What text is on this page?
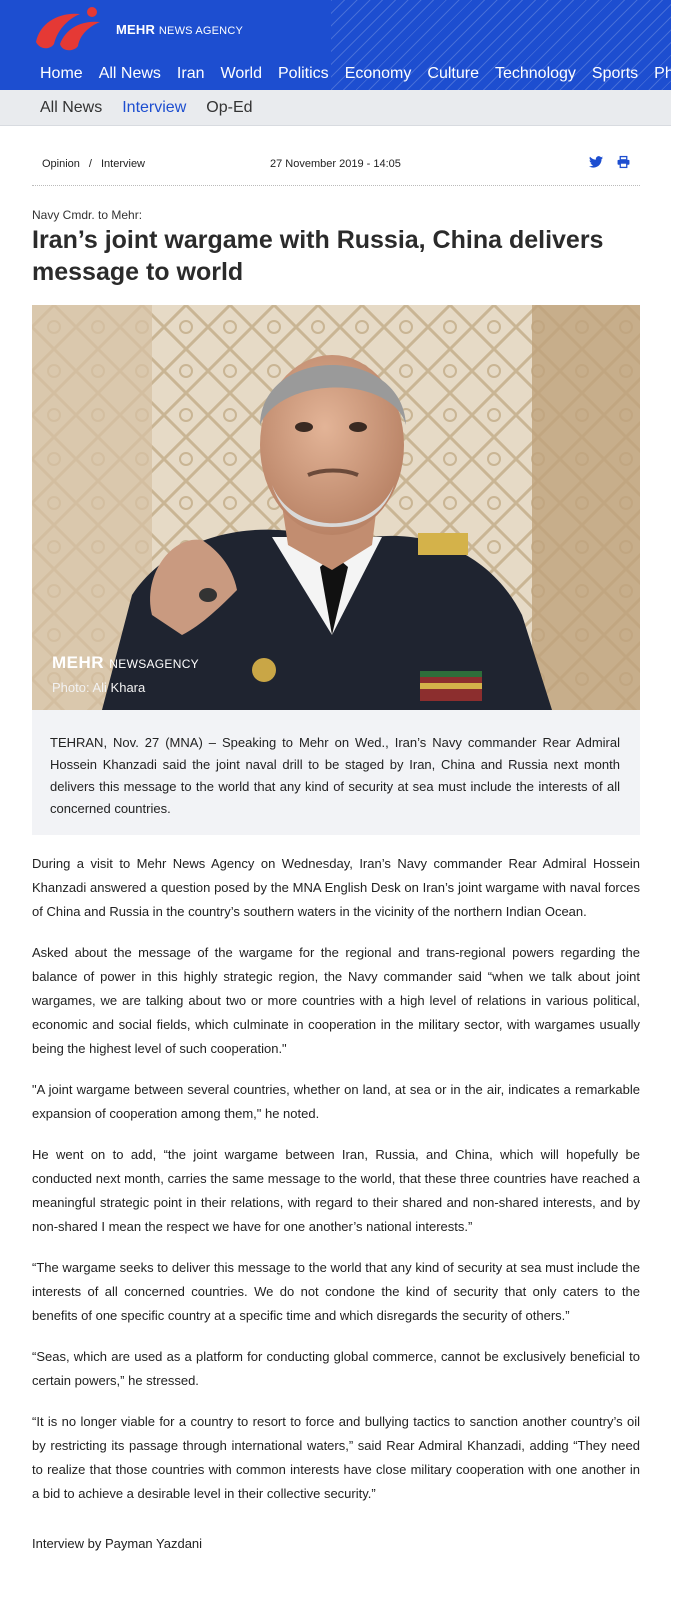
MEHR NEWS AGENCY
Home	All News	Iran	World	Politics	Economy	Culture	Technology	Sports	Ph
All News	Interview	Op-Ed
Opinion / Interview	27 November 2019 - 14:05
Navy Cmdr. to Mehr:
Iran’s joint wargame with Russia, China delivers message to world
MEHR NEWSAGENCY
Photo: Ali Khara
TEHRAN, Nov. 27 (MNA) – Speaking to Mehr on Wed., Iran’s Navy commander Rear Admiral Hossein Khanzadi said the joint naval drill to be staged by Iran, China and Russia next month delivers this message to the world that any kind of security at sea must include the interests of all concerned countries.

During a visit to Mehr News Agency on Wednesday, Iran’s Navy commander Rear Admiral Hossein Khanzadi answered a question posed by the MNA English Desk on Iran’s joint wargame with naval forces of China and Russia in the country’s southern waters in the vicinity of the northern Indian Ocean.

Asked about the message of the wargame for the regional and trans-regional powers regarding the balance of power in this highly strategic region, the Navy commander said “when we talk about joint wargames, we are talking about two or more countries with a high level of relations in various political, economic and social fields, which culminate in cooperation in the military sector, with wargames usually being the highest level of such cooperation."

"A joint wargame between several countries, whether on land, at sea or in the air, indicates a remarkable expansion of cooperation among them," he noted.

He went on to add, “the joint wargame between Iran, Russia, and China, which will hopefully be conducted next month, carries the same message to the world, that these three countries have reached a meaningful strategic point in their relations, with regard to their shared and non-shared interests, and by non-shared I mean the respect we have for one another’s national interests.”

“The wargame seeks to deliver this message to the world that any kind of security at sea must include the interests of all concerned countries. We do not condone the kind of security that only caters to the benefits of one specific country at a specific time and which disregards the security of others.”

“Seas, which are used as a platform for conducting global commerce, cannot be exclusively beneficial to certain powers,” he stressed.

“It is no longer viable for a country to resort to force and bullying tactics to sanction another country’s oil by restricting its passage through international waters,” said Rear Admiral Khanzadi, adding “They need to realize that those countries with common interests have close military cooperation with one another in a bid to achieve a desirable level in their collective security.”

Interview by Payman Yazdani
